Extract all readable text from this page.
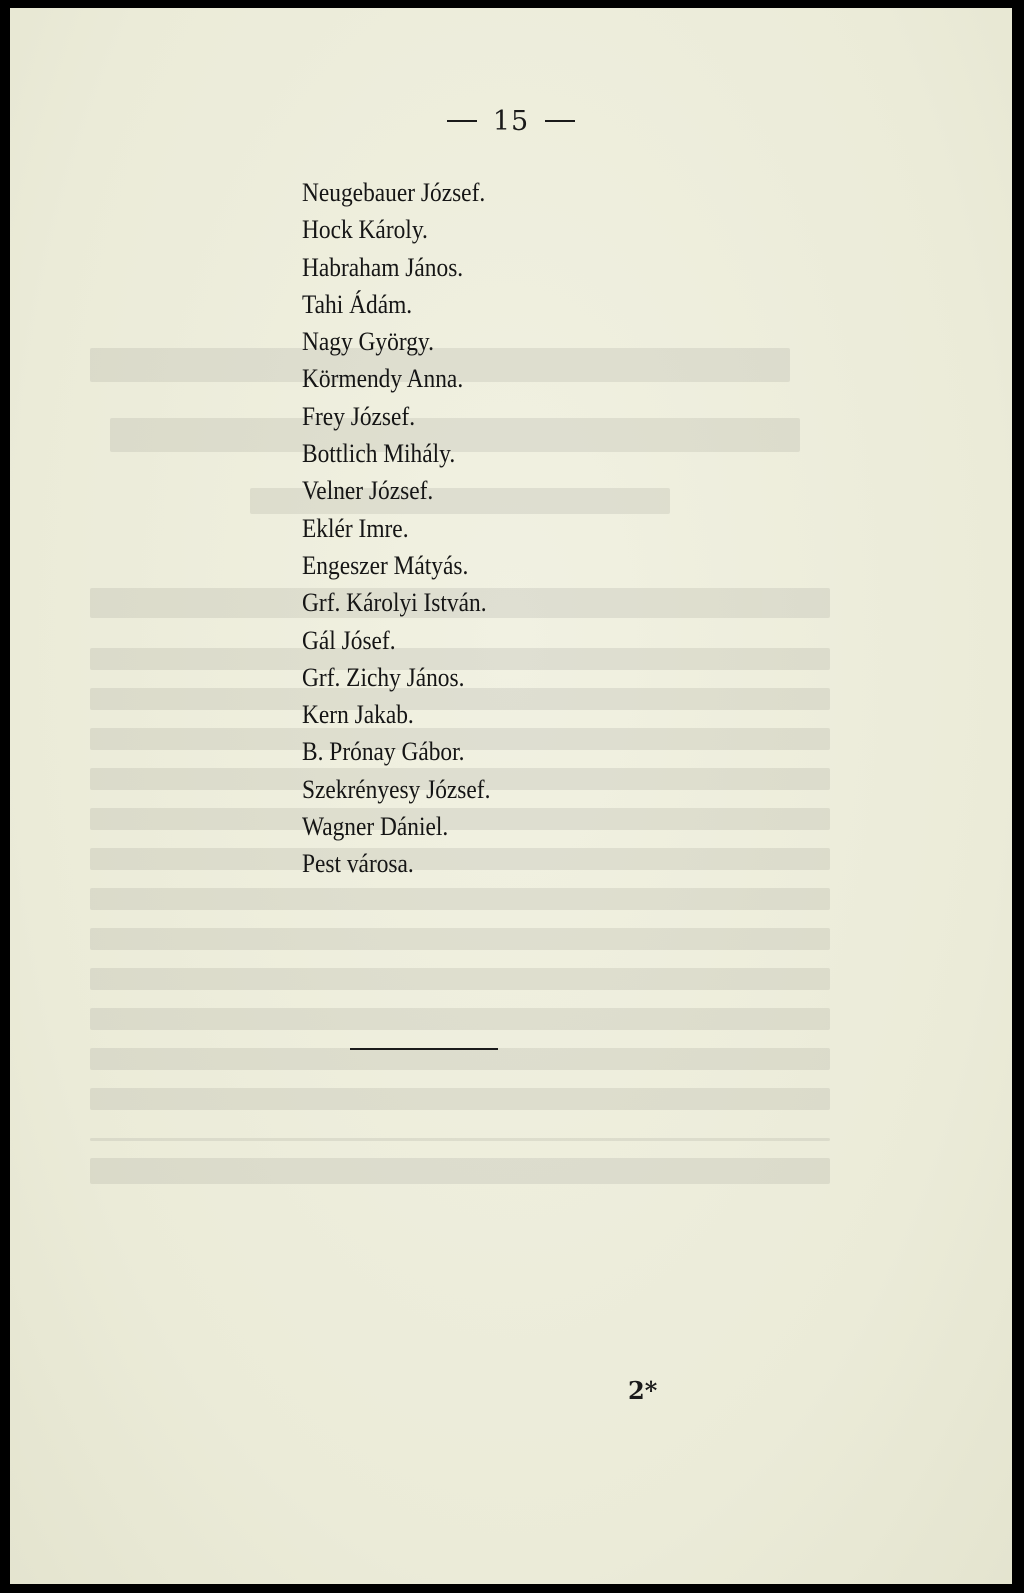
15
Neugebauer József.
Hock Károly.
Habraham János.
Tahi Ádám.
Nagy György.
Körmendy Anna.
Frey József.
Bottlich Mihály.
Velner József.
Eklér Imre.
Engeszer Mátyás.
Grf. Károlyi István.
Gál Jósef.
Grf. Zichy János.
Kern Jakab.
B. Prónay Gábor.
Szekrényesy József.
Wagner Dániel.
Pest városa.
2*
